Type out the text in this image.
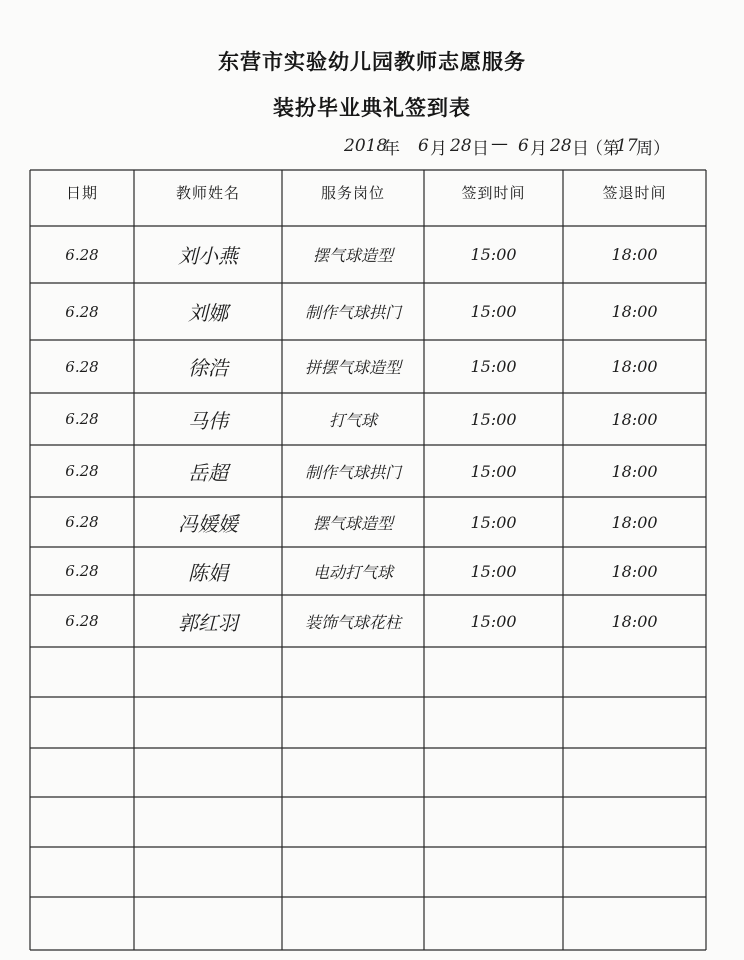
东营市实验幼儿园教师志愿服务
装扮毕业典礼签到表
2018
年 6 月 28 日 — 6 月 28 日
（第
17
周）
日期	教师姓名	服务岗位	签到时间	签退时间
6.28	刘小燕	摆气球造型	15:00	18:00
6.28	刘娜	制作气球拱门	15:00	18:00
6.28	徐浩	拼摆气球造型	15:00	18:00
6.28	马伟	打气球	15:00	18:00
6.28	岳超	制作气球拱门	15:00	18:00
6.28	冯媛媛	摆气球造型	15:00	18:00
6.28	陈娟	电动打气球	15:00	18:00
6.28	郭红羽	装饰气球花柱	15:00	18:00
